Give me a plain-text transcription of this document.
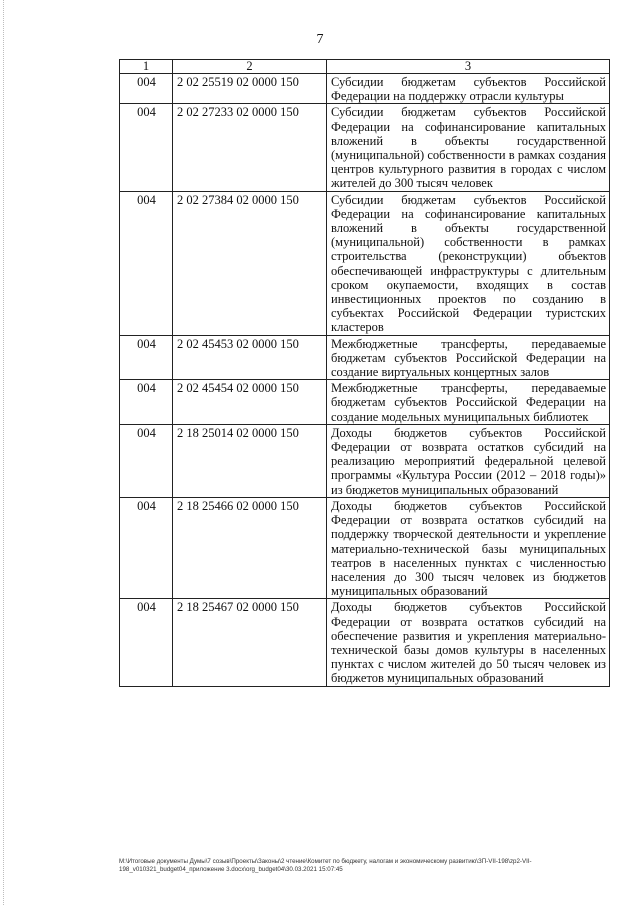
7
1	2	3
004	2 02 25519 02 0000 150	Субсидии бюджетам субъектов Российской Федерации на поддержку отрасли культуры
004	2 02 27233 02 0000 150	Субсидии бюджетам субъектов Российской Федерации на софинансирование капитальных вложений в объекты государственной (муниципальной) собственности в рамках создания центров культурного развития в городах с числом жителей до 300 тысяч человек
004	2 02 27384 02 0000 150	Субсидии бюджетам субъектов Российской Федерации на софинансирование капитальных вложений в объекты государственной (муниципальной) собственности в рамках строительства (реконструкции) объектов обеспечивающей инфраструктуры с длительным сроком окупаемости, входящих в состав инвестиционных проектов по созданию в субъектах Российской Федерации туристских кластеров
004	2 02 45453 02 0000 150	Межбюджетные трансферты, передаваемые бюджетам субъектов Российской Федерации на создание виртуальных концертных залов
004	2 02 45454 02 0000 150	Межбюджетные трансферты, передаваемые бюджетам субъектов Российской Федерации на создание модельных муниципальных библиотек
004	2 18 25014 02 0000 150	Доходы бюджетов субъектов Российской Федерации от возврата остатков субсидий на реализацию мероприятий федеральной целевой программы «Культура России (2012 – 2018 годы)» из бюджетов муниципальных образований
004	2 18 25466 02 0000 150	Доходы бюджетов субъектов Российской Федерации от возврата остатков субсидий на поддержку творческой деятельности и укрепление материально-технической базы муниципальных театров в населенных пунктах с численностью населения до 300 тысяч человек из бюджетов муниципальных образований
004	2 18 25467 02 0000 150	Доходы бюджетов субъектов Российской Федерации от возврата остатков субсидий на обеспечение развития и укрепления материально-технической базы домов культуры в населенных пунктах с числом жителей до 50 тысяч человек из бюджетов муниципальных образований
M:\Итоговые документы Думы\7 созыв\Проекты\Законы\2 чтение\Комитет по бюджету, налогам и экономическому развитию\ЗП-VII-198\zp2-VII-198_v010321_budget04_приложение 3.docx\org_budget04\30.03.2021 15:07:45
